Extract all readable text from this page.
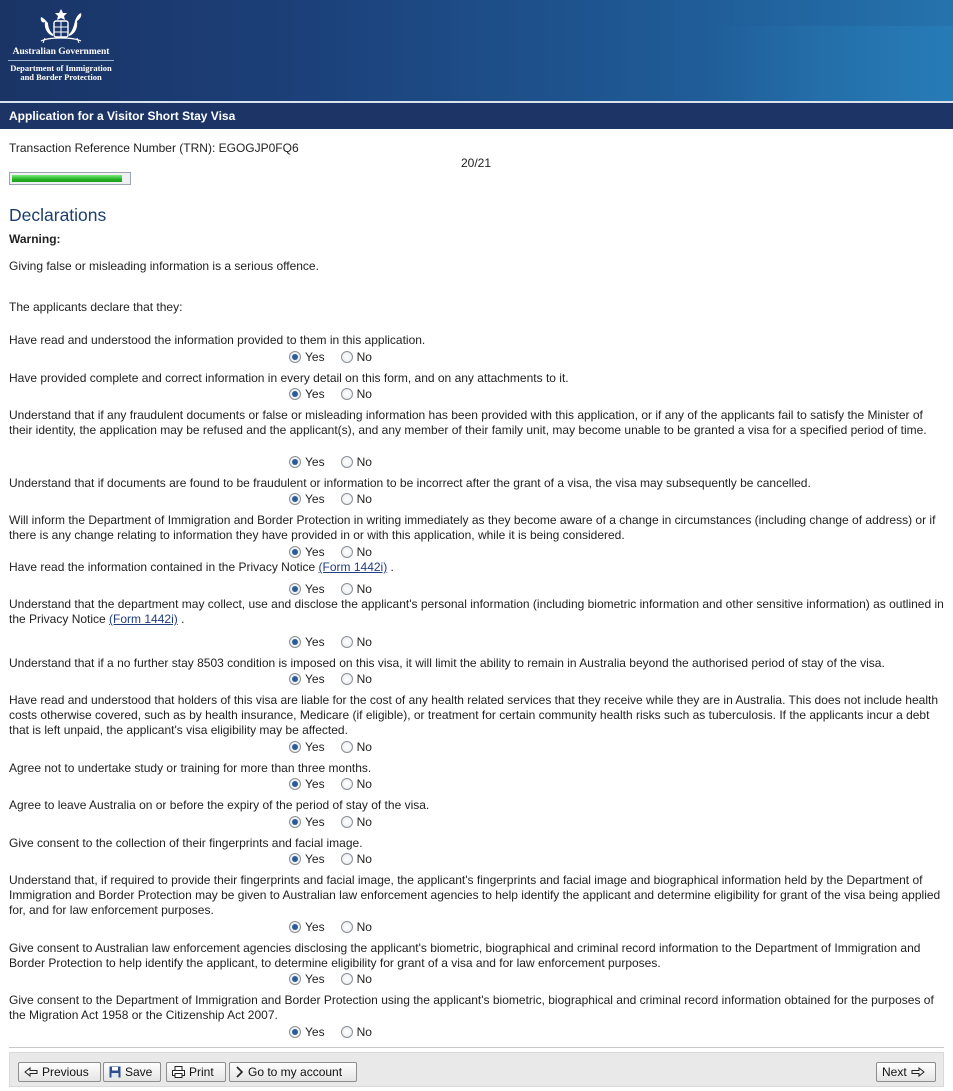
Australian Government
Department of Immigration and Border Protection
Application for a Visitor Short Stay Visa
Transaction Reference Number (TRN): EGOGJP0FQ6
20/21
Declarations
Warning:
Giving false or misleading information is a serious offence.
The applicants declare that they:
Have read and understood the information provided to them in this application.
Yes	No
Have provided complete and correct information in every detail on this form, and on any attachments to it.
Yes	No
Understand that if any fraudulent documents or false or misleading information has been provided with this application, or if any of the applicants fail to satisfy the Minister of their identity, the application may be refused and the applicant(s), and any member of their family unit, may become unable to be granted a visa for a specified period of time.
Yes	No
Understand that if documents are found to be fraudulent or information to be incorrect after the grant of a visa, the visa may subsequently be cancelled.
Yes	No
Will inform the Department of Immigration and Border Protection in writing immediately as they become aware of a change in circumstances (including change of address) or if there is any change relating to information they have provided in or with this application, while it is being considered.
Yes	No
Have read the information contained in the Privacy Notice (Form 1442i) .
Yes	No
Understand that the department may collect, use and disclose the applicant's personal information (including biometric information and other sensitive information) as outlined in the Privacy Notice (Form 1442i) .
Yes	No
Understand that if a no further stay 8503 condition is imposed on this visa, it will limit the ability to remain in Australia beyond the authorised period of stay of the visa.
Yes	No
Have read and understood that holders of this visa are liable for the cost of any health related services that they receive while they are in Australia. This does not include health costs otherwise covered, such as by health insurance, Medicare (if eligible), or treatment for certain community health risks such as tuberculosis. If the applicants incur a debt that is left unpaid, the applicant's visa eligibility may be affected.
Yes	No
Agree not to undertake study or training for more than three months.
Yes	No
Agree to leave Australia on or before the expiry of the period of stay of the visa.
Yes	No
Give consent to the collection of their fingerprints and facial image.
Yes	No
Understand that, if required to provide their fingerprints and facial image, the applicant's fingerprints and facial image and biographical information held by the Department of Immigration and Border Protection may be given to Australian law enforcement agencies to help identify the applicant and determine eligibility for grant of the visa being applied for, and for law enforcement purposes.
Yes	No
Give consent to Australian law enforcement agencies disclosing the applicant's biometric, biographical and criminal record information to the Department of Immigration and Border Protection to help identify the applicant, to determine eligibility for grant of a visa and for law enforcement purposes.
Yes	No
Give consent to the Department of Immigration and Border Protection using the applicant's biometric, biographical and criminal record information obtained for the purposes of the Migration Act 1958 or the Citizenship Act 2007.
Yes	No
Previous	Save	Print	Go to my account	Next
